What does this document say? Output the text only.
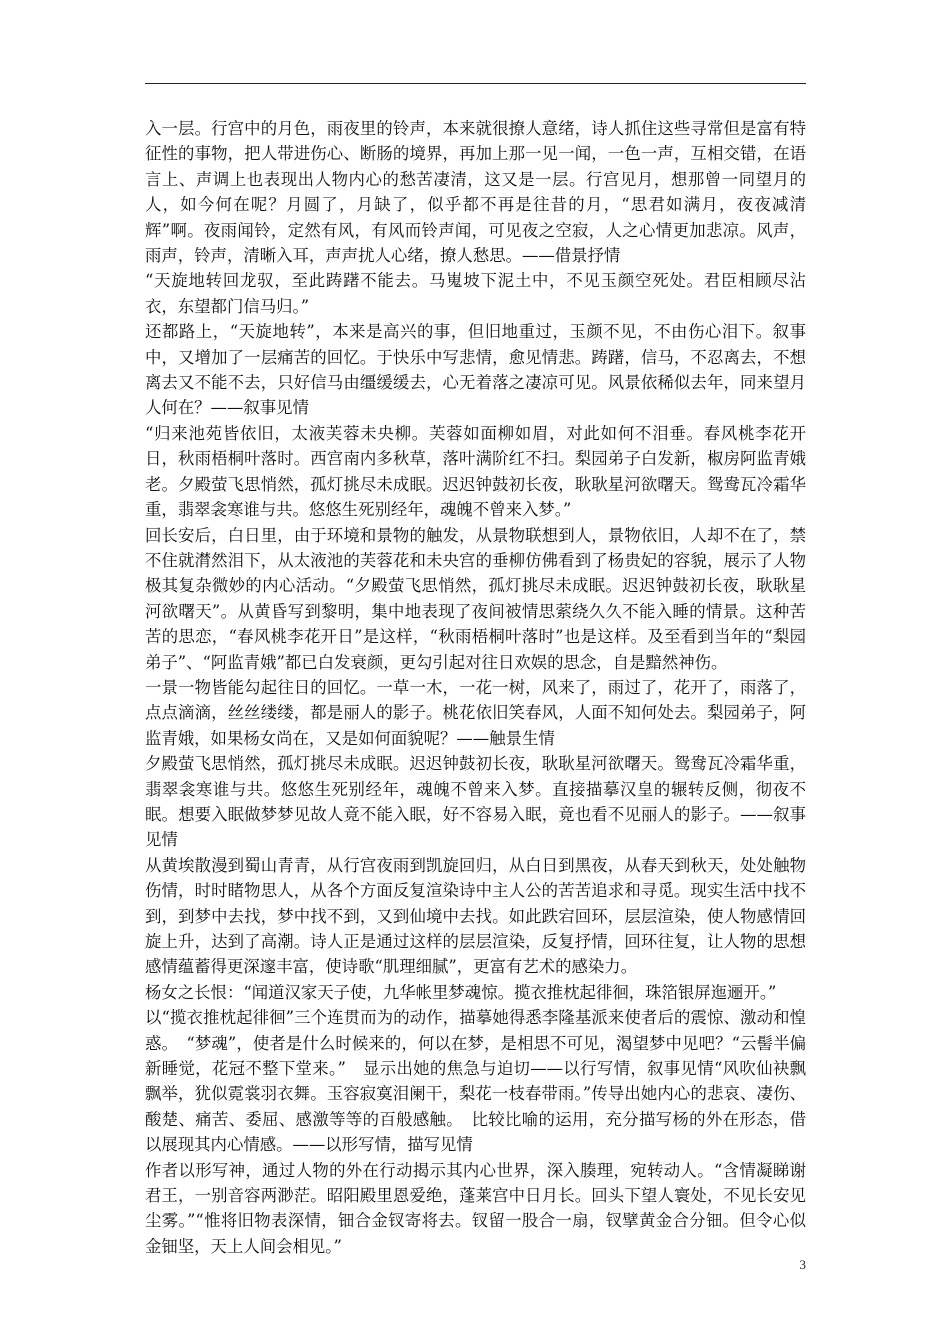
入一层。行宫中的月色，雨夜里的铃声，本来就很撩人意绪，诗人抓住这些寻常但是富有特征性的事物，把人带进伤心、断肠的境界，再加上那一见一闻，一色一声，互相交错，在语言上、声调上也表现出人物内心的愁苦凄清，这又是一层。行宫见月，想那曾一同望月的人，如今何在呢？月圆了，月缺了，似乎都不再是往昔的月，“思君如满月，夜夜减清辉”啊。夜雨闻铃，定然有风，有风而铃声闻，可见夜之空寂，人之心情更加悲凉。风声，雨声，铃声，清晰入耳，声声扰人心绪，撩人愁思。——借景抒情

“天旋地转回龙驭，至此踌躇不能去。马嵬坡下泥土中，不见玉颜空死处。君臣相顾尽沾衣，东望都门信马归。”

还都路上，“天旋地转”，本来是高兴的事，但旧地重过，玉颜不见，不由伤心泪下。叙事中，又增加了一层痛苦的回忆。于快乐中写悲情，愈见情悲。踌躇，信马，不忍离去，不想离去又不能不去，只好信马由缰缓缓去，心无着落之凄凉可见。风景依稀似去年，同来望月人何在？——叙事见情

“归来池苑皆依旧，太液芙蓉未央柳。芙蓉如面柳如眉，对此如何不泪垂。春风桃李花开日，秋雨梧桐叶落时。西宫南内多秋草，落叶满阶红不扫。梨园弟子白发新，椒房阿监青娥老。夕殿萤飞思悄然，孤灯挑尽未成眠。迟迟钟鼓初长夜，耿耿星河欲曙天。鸳鸯瓦冷霜华重，翡翠衾寒谁与共。悠悠生死别经年，魂魄不曾来入梦。”

回长安后，白日里，由于环境和景物的触发，从景物联想到人，景物依旧，人却不在了，禁不住就潸然泪下，从太液池的芙蓉花和未央宫的垂柳仿佛看到了杨贵妃的容貌，展示了人物极其复杂微妙的内心活动。“夕殿萤飞思悄然，孤灯挑尽未成眠。迟迟钟鼓初长夜，耿耿星河欲曙天”。从黄昏写到黎明，集中地表现了夜间被情思萦绕久久不能入睡的情景。这种苦苦的思恋，“春风桃李花开日”是这样，“秋雨梧桐叶落时”也是这样。及至看到当年的“梨园弟子”、“阿监青娥”都已白发衰颜，更勾引起对往日欢娱的思念，自是黯然神伤。

一景一物皆能勾起往日的回忆。一草一木，一花一树，风来了，雨过了，花开了，雨落了，点点滴滴，丝丝缕缕，都是丽人的影子。桃花依旧笑春风，人面不知何处去。梨园弟子，阿监青娥，如果杨女尚在，又是如何面貌呢？——触景生情

夕殿萤飞思悄然，孤灯挑尽未成眠。迟迟钟鼓初长夜，耿耿星河欲曙天。鸳鸯瓦冷霜华重，翡翠衾寒谁与共。悠悠生死别经年，魂魄不曾来入梦。直接描摹汉皇的辗转反侧，彻夜不眠。想要入眠做梦梦见故人竟不能入眠，好不容易入眠，竟也看不见丽人的影子。——叙事见情

从黄埃散漫到蜀山青青，从行宫夜雨到凯旋回归，从白日到黑夜，从春天到秋天，处处触物伤情，时时睹物思人，从各个方面反复渲染诗中主人公的苦苦追求和寻觅。现实生活中找不到，到梦中去找，梦中找不到，又到仙境中去找。如此跌宕回环，层层渲染，使人物感情回旋上升，达到了高潮。诗人正是通过这样的层层渲染，反复抒情，回环往复，让人物的思想感情蕴蓄得更深邃丰富，使诗歌“肌理细腻”，更富有艺术的感染力。

杨女之长恨：“闻道汉家天子使，九华帐里梦魂惊。揽衣推枕起徘徊，珠箔银屏迤逦开。”

以“揽衣推枕起徘徊”三个连贯而为的动作，描摹她得悉李隆基派来使者后的震惊、激动和惶惑。　“梦魂”，使者是什么时候来的，何以在梦，是相思不可见，渴望梦中见吧？“云髻半偏新睡觉，花冠不整下堂来。”　显示出她的焦急与迫切——以行写情，叙事见情“风吹仙袂飘飘举，犹似霓裳羽衣舞。玉容寂寞泪阑干，梨花一枝春带雨。”传导出她内心的悲哀、凄伤、酸楚、痛苦、委屈、感激等等的百般感触。　比较比喻的运用，充分描写杨的外在形态，借以展现其内心情感。——以形写情，描写见情

作者以形写神，通过人物的外在行动揭示其内心世界，深入腠理，宛转动人。“含情凝睇谢君王，一别音容两渺茫。昭阳殿里恩爱绝，蓬莱宫中日月长。回头下望人寰处，不见长安见尘雾。”“惟将旧物表深情，钿合金钗寄将去。钗留一股合一扇，钗擘黄金合分钿。但令心似金钿坚，天上人间会相见。”

3
